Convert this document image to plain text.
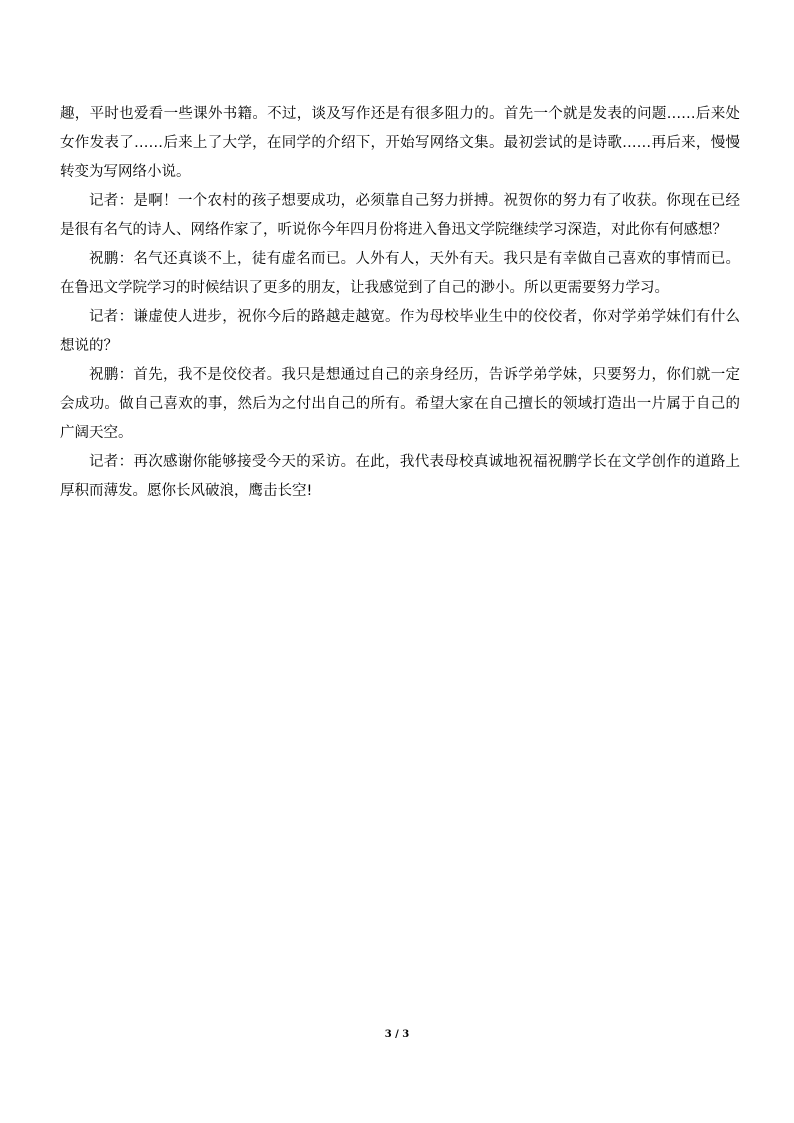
趣，平时也爱看一些课外书籍。不过，谈及写作还是有很多阻力的。首先一个就是发表的问题……后来处女作发表了……后来上了大学，在同学的介绍下，开始写网络文集。最初尝试的是诗歌……再后来，慢慢转变为写网络小说。

记者：是啊！一个农村的孩子想要成功，必须靠自己努力拼搏。祝贺你的努力有了收获。你现在已经是很有名气的诗人、网络作家了，听说你今年四月份将进入鲁迅文学院继续学习深造，对此你有何感想？

祝鹏：名气还真谈不上，徒有虚名而已。人外有人，天外有天。我只是有幸做自己喜欢的事情而已。在鲁迅文学院学习的时候结识了更多的朋友，让我感觉到了自己的渺小。所以更需要努力学习。

记者：谦虚使人进步，祝你今后的路越走越宽。作为母校毕业生中的佼佼者，你对学弟学妹们有什么想说的？

祝鹏：首先，我不是佼佼者。我只是想通过自己的亲身经历，告诉学弟学妹，只要努力，你们就一定会成功。做自己喜欢的事，然后为之付出自己的所有。希望大家在自己擅长的领域打造出一片属于自己的广阔天空。

记者：再次感谢你能够接受今天的采访。在此，我代表母校真诚地祝福祝鹏学长在文学创作的道路上厚积而薄发。愿你长风破浪，鹰击长空!

3 / 3
